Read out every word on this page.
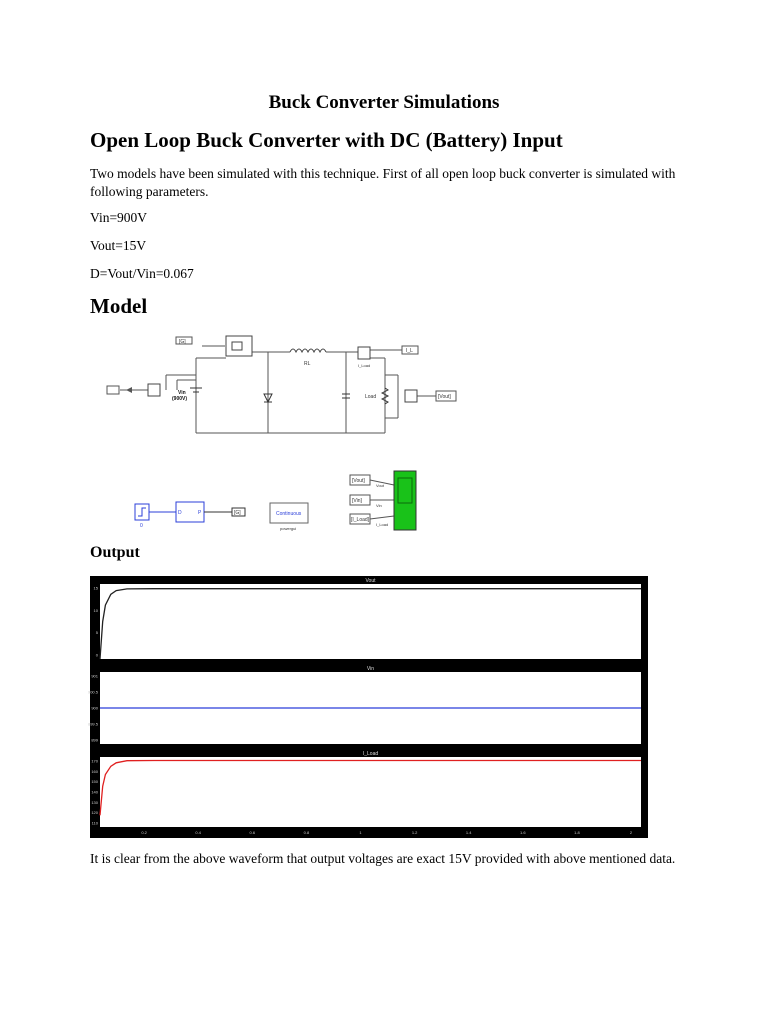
Buck Converter Simulations
Open Loop Buck Converter with DC (Battery) Input

Two models have been simulated with this technique. First of all open loop buck converter is simulated with following parameters.

Vin=900V

Vout=15V

D=Vout/Vin=0.067

Model
[G]
RL	I_Load
I_L
Vin
(900V)	Load	[Vout]
0
D	P	[G]	Continuous
powergui
[Vout]
[Vin]
[I_Load]
Vout
Vin
I_Load
Output
Vout
15
10
5
0
Vin
901
900.5
900
899.5
899
I_Load
170
160
150
140
130
120
110
0.2	0.4	0.6	0.8	1	1.2	1.4	1.6	1.8	2

It is clear from the above waveform that output voltages are exact 15V provided with above mentioned data.
